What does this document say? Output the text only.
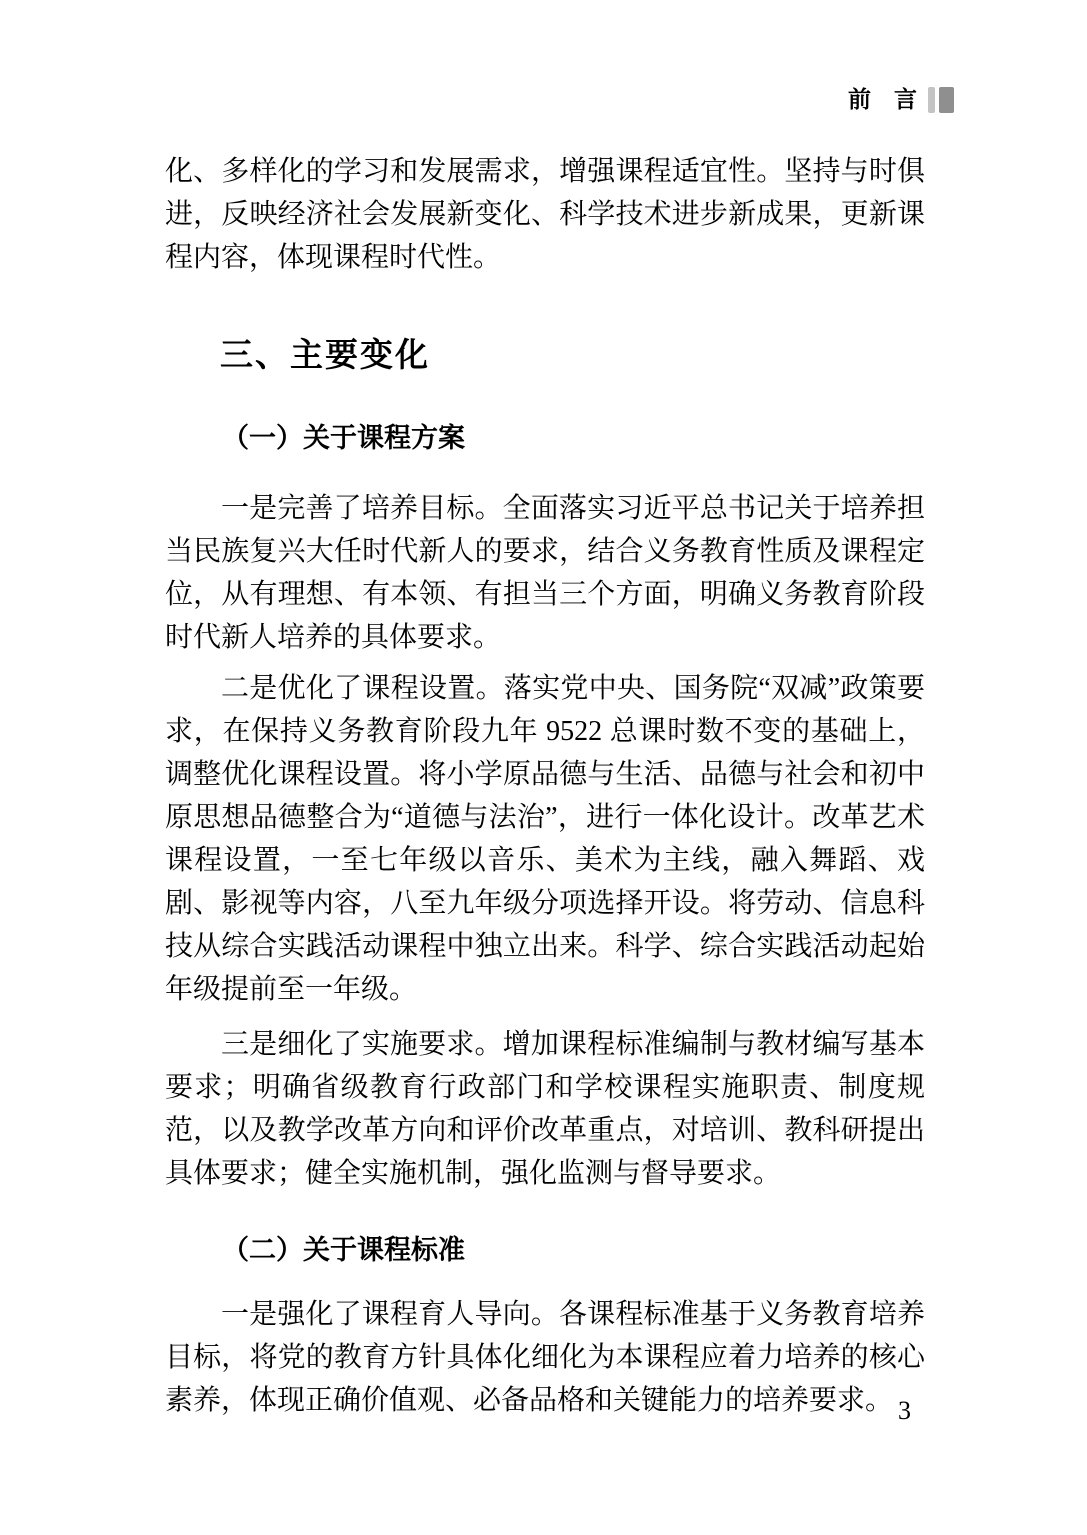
前　言

化、多样化的学习和发展需求，增强课程适宜性。坚持与时俱进，反映经济社会发展新变化、科学技术进步新成果，更新课程内容，体现课程时代性。

三、主要变化
（一）关于课程方案

一是完善了培养目标。全面落实习近平总书记关于培养担当民族复兴大任时代新人的要求，结合义务教育性质及课程定位，从有理想、有本领、有担当三个方面，明确义务教育阶段时代新人培养的具体要求。

二是优化了课程设置。落实党中央、国务院“双减”政策要求，在保持义务教育阶段九年 9522 总课时数不变的基础上，调整优化课程设置。将小学原品德与生活、品德与社会和初中原思想品德整合为“道德与法治”，进行一体化设计。改革艺术课程设置，一至七年级以音乐、美术为主线，融入舞蹈、戏剧、影视等内容，八至九年级分项选择开设。将劳动、信息科技从综合实践活动课程中独立出来。科学、综合实践活动起始年级提前至一年级。

三是细化了实施要求。增加课程标准编制与教材编写基本要求；明确省级教育行政部门和学校课程实施职责、制度规范，以及教学改革方向和评价改革重点，对培训、教科研提出具体要求；健全实施机制，强化监测与督导要求。

（二）关于课程标准

一是强化了课程育人导向。各课程标准基于义务教育培养目标，将党的教育方针具体化细化为本课程应着力培养的核心素养，体现正确价值观、必备品格和关键能力的培养要求。 3
